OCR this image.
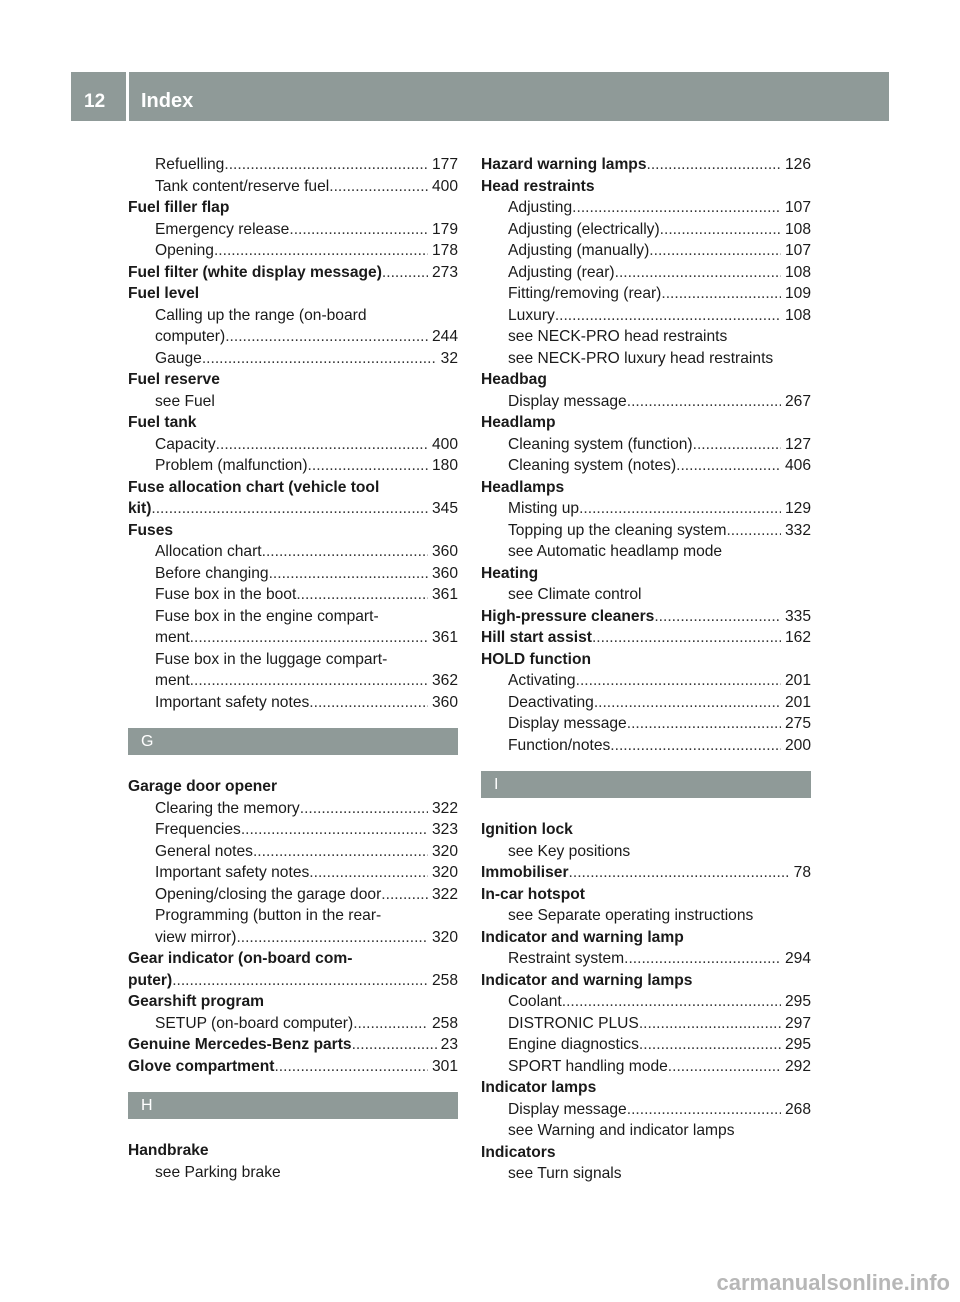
12 Index
Refuelling .....	177
Tank content/reserve fuel .....	400
Fuel filler flap
Emergency release .....	179
Opening .....	178
Fuel filter (white display message) .....	273
Fuel level
Calling up the range (on-board
computer) .....	244
Gauge .....	32
Fuel reserve
see Fuel
Fuel tank
Capacity .....	400
Problem (malfunction) .....	180
Fuse allocation chart (vehicle tool
kit) .....	345
Fuses
Allocation chart .....	360
Before changing .....	360
Fuse box in the boot .....	361
Fuse box in the engine compart-
ment .....	361
Fuse box in the luggage compart-
ment .....	362
Important safety notes .....	360
G
Garage door opener
Clearing the memory .....	322
Frequencies .....	323
General notes .....	320
Important safety notes .....	320
Opening/closing the garage door .....	322
Programming (button in the rear-
view mirror) .....	320
Gear indicator (on-board com-
puter) .....	258
Gearshift program
SETUP (on-board computer) .....	258
Genuine Mercedes-Benz parts .....	23
Glove compartment .....	301
H
Handbrake
see Parking brake
Hazard warning lamps .....	126
Head restraints
Adjusting .....	107
Adjusting (electrically) .....	108
Adjusting (manually) .....	107
Adjusting (rear) .....	108
Fitting/removing (rear) .....	109
Luxury .....	108
see NECK-PRO head restraints
see NECK-PRO luxury head restraints
Headbag
Display message .....	267
Headlamp
Cleaning system (function) .....	127
Cleaning system (notes) .....	406
Headlamps
Misting up .....	129
Topping up the cleaning system .....	332
see Automatic headlamp mode
Heating
see Climate control
High-pressure cleaners .....	335
Hill start assist .....	162
HOLD function
Activating .....	201
Deactivating .....	201
Display message .....	275
Function/notes .....	200
I
Ignition lock
see Key positions
Immobiliser .....	78
In-car hotspot
see Separate operating instructions
Indicator and warning lamp
Restraint system .....	294
Indicator and warning lamps
Coolant .....	295
DISTRONIC PLUS .....	297
Engine diagnostics .....	295
SPORT handling mode .....	292
Indicator lamps
Display message .....	268
see Warning and indicator lamps
Indicators
see Turn signals
carmanualsonline.info
